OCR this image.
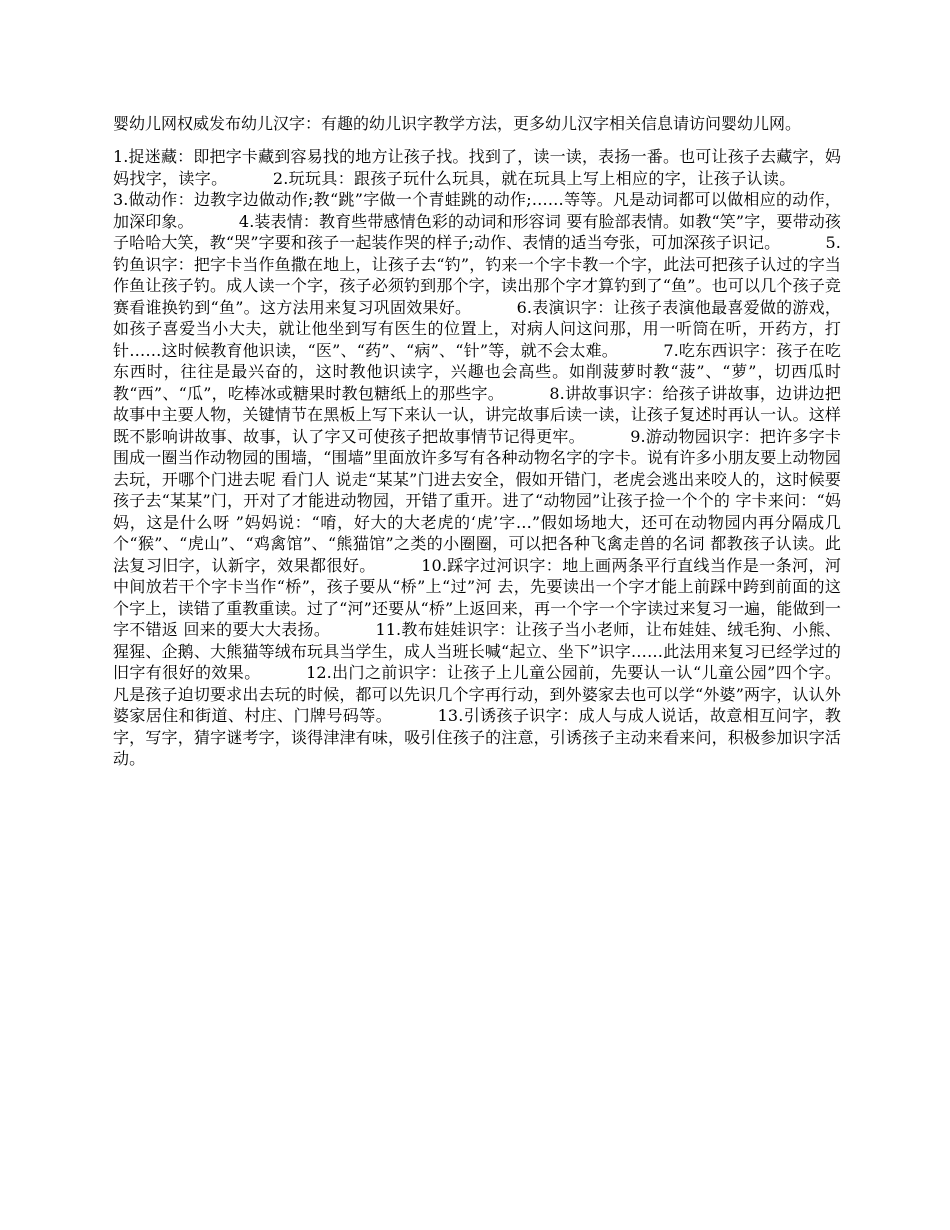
婴幼儿网权威发布幼儿汉字：有趣的幼儿识字教学方法，更多幼儿汉字相关信息请访问婴幼儿网。

1.捉迷藏：即把字卡藏到容易找的地方让孩子找。找到了，读一读，表扬一番。也可让孩子去藏字，妈妈找字，读字。	2.玩玩具：跟孩子玩什么玩具，就在玩具上写上相应的字，让孩子认读。 3.做动作：边教字边做动作;教“跳”字做一个青蛙跳的动作;……等等。凡是动词都可以做相应的动作，加深印象。	4.装表情：教育些带感情色彩的动词和形容词 要有脸部表情。如教“笑”字，要带动孩子哈哈大笑，教“哭”字要和孩子一起装作哭的样子;动作、表情的适当夸张，可加深孩子识记。	5.钓鱼识字：把字卡当作鱼撒在地上，让孩子去“钓”，钓来一个字卡教一个字，此法可把孩子认过的字当作鱼让孩子钓。成人读一个字，孩子必须钓到那个字，读出那个字才算钓到了“鱼”。也可以几个孩子竞赛看谁换钓到“鱼”。这方法用来复习巩固效果好。	6.表演识字：让孩子表演他最喜爱做的游戏，如孩子喜爱当小大夫，就让他坐到写有医生的位置上，对病人问这问那，用一听筒在听，开药方，打针……这时候教育他识读，“医”、“药”、“病”、“针”等，就不会太难。	7.吃东西识字：孩子在吃东西时，往往是最兴奋的，这时教他识读字，兴趣也会高些。如削菠萝时教“菠”、“萝”，切西瓜时教“西”、“瓜”，吃棒冰或糖果时教包糖纸上的那些字。	8.讲故事识字：给孩子讲故事，边讲边把故事中主要人物，关键情节在黑板上写下来认一认，讲完故事后读一读，让孩子复述时再认一认。这样既不影响讲故事、故事，认了字又可使孩子把故事情节记得更牢。	9.游动物园识字：把许多字卡围成一圈当作动物园的围墙，“围墙”里面放许多写有各种动物名字的字卡。说有许多小朋友要上动物园去玩，开哪个门进去呢 看门人 说走“某某”门进去安全，假如开错门，老虎会逃出来咬人的，这时候要孩子去“某某”门，开对了才能进动物园，开错了重开。进了“动物园”让孩子捡一个个的 字卡来问：“妈妈，这是什么呀 ”妈妈说：“唷，好大的大老虎的‘虎’字…”假如场地大，还可在动物园内再分隔成几个“猴”、“虎山”、“鸡禽馆”、“熊猫馆”之类的小圈圈，可以把各种飞禽走兽的名词 都教孩子认读。此法复习旧字，认新字，效果都很好。	10.踩字过河识字：地上画两条平行直线当作是一条河，河中间放若干个字卡当作“桥”，孩子要从“桥”上“过”河 去，先要读出一个字才能上前踩中跨到前面的这个字上，读错了重教重读。过了“河”还要从“桥”上返回来，再一个字一个字读过来复习一遍，能做到一字不错返 回来的要大大表扬。	11.教布娃娃识字：让孩子当小老师，让布娃娃、绒毛狗、小熊、猩猩、企鹅、大熊猫等绒布玩具当学生，成人当班长喊“起立、坐下”识字……此法用来复习已经学过的旧字有很好的效果。	12.出门之前识字：让孩子上儿童公园前，先要认一认“儿童公园”四个字。凡是孩子迫切要求出去玩的时候，都可以先识几个字再行动，到外婆家去也可以学“外婆”两字，认认外婆家居住和街道、村庄、门牌号码等。	13.引诱孩子识字：成人与成人说话，故意相互问字，教字，写字，猜字谜考字，谈得津津有味，吸引住孩子的注意，引诱孩子主动来看来问，积极参加识字活动。
